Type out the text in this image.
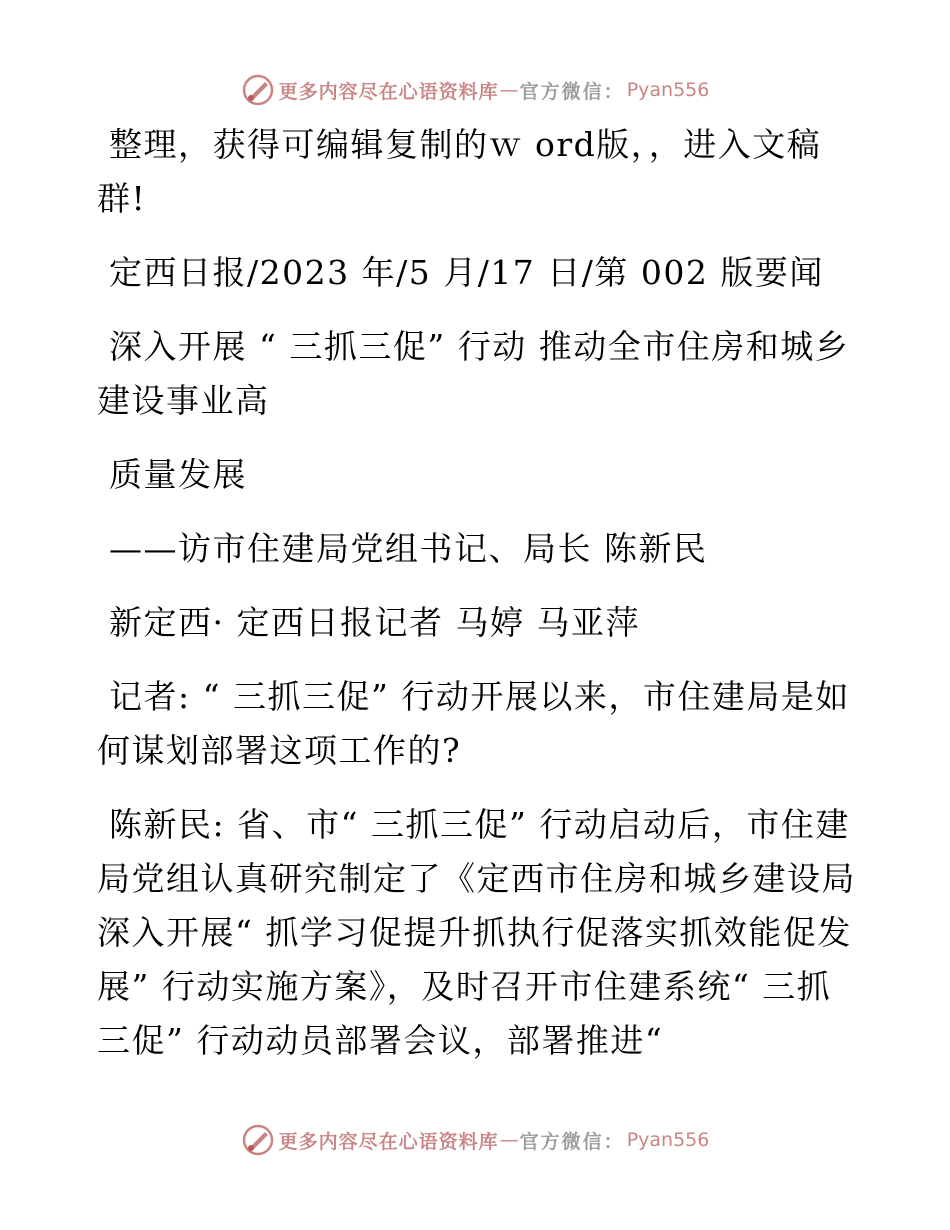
更多内容尽在心语资料库 — 官方微信： Pyan556

整理，获得可编辑复制的ｗ ord版，，进入文稿群!

定西日报/2023 年/5 月/17 日/第 002 版要闻

深入开展 “ 三抓三促” 行动 推动全市住房和城乡建设事业高

质量发展

——访市住建局党组书记、局长 陈新民

新定西· 定西日报记者 马婷 马亚萍

记者: “ 三抓三促” 行动开展以来，市住建局是如何谋划部署这项工作的?

陈新民: 省、市“ 三抓三促” 行动启动后，市住建局党组认真研究制定了《定西市住房和城乡建设局深入开展“ 抓学习促提升抓执行促落实抓效能促发展” 行动实施方案》，及时召开市住建系统“ 三抓三促” 行动动员部署会议，部署推进“

更多内容尽在心语资料库 — 官方微信： Pyan556
